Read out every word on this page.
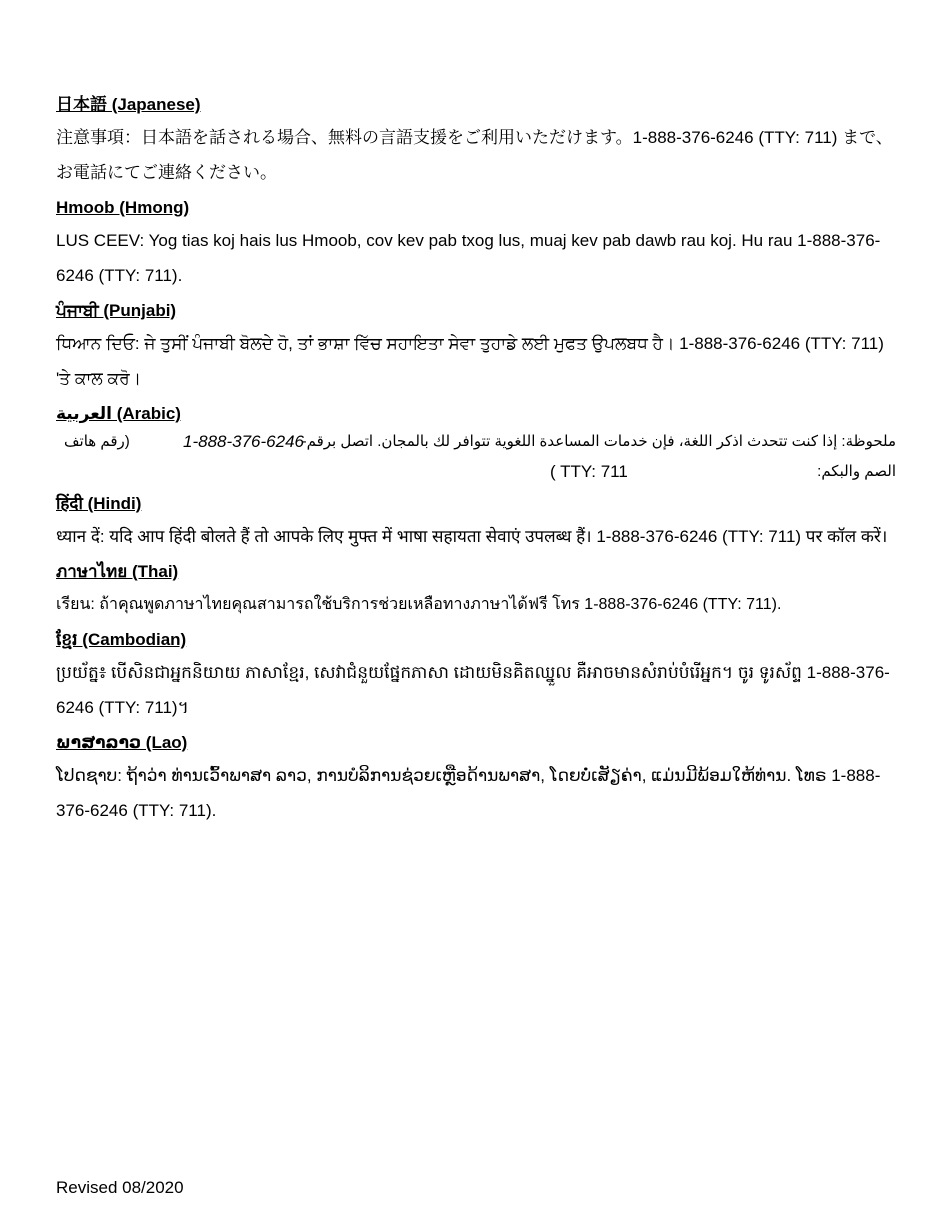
日本語 (Japanese)

注意事項：日本語を話される場合、無料の言語支援をご利用いただけます。1-888-376-6246 (TTY: 711) まで、お電話にてご連絡ください。

Hmoob (Hmong)

LUS CEEV: Yog tias koj hais lus Hmoob, cov kev pab txog lus, muaj kev pab dawb rau koj. Hu rau 1-888-376-6246 (TTY: 711).

ਪੰਜਾਬੀ (Punjabi)

ਧਿਆਨ ਦਿਓ: ਜੇ ਤੁਸੀਂ ਪੰਜਾਬੀ ਬੋਲਦੇ ਹੋ, ਤਾਂ ਭਾਸ਼ਾ ਵਿੱਚ ਸਹਾਇਤਾ ਸੇਵਾ ਤੁਹਾਡੇ ਲਈ ਮੁਫਤ ਉਪਲਬਧ ਹੈ। 1-888-376-6246 (TTY: 711) 'ਤੇ ਕਾਲ ਕਰੋ।

العربية (Arabic)
ملحوظة: إذا كنت تتحدث اذكر اللغة، فإن خدمات المساعدة اللغوية تتوافر لك بالمجان. اتصل برقم-
1-888-376-6246
(رقم هاتف
الصم والبكم:
( TTY: 711
हिंदी (Hindi)

ध्यान दें: यदि आप हिंदी बोलते हैं तो आपके लिए मुफ्त में भाषा सहायता सेवाएं उपलब्ध हैं। 1-888-376-6246 (TTY: 711) पर कॉल करें।

ภาษาไทย (Thai)

เรียน: ถ้าคุณพูดภาษาไทยคุณสามารถใช้บริการช่วยเหลือทางภาษาได้ฟรี โทร 1-888-376-6246 (TTY: 711).

ខ្មែរ (Cambodian)

ប្រយ័ត្ន៖ បើសិនជាអ្នកនិយាយ ភាសាខ្មែរ, សេវាជំនួយផ្នែកភាសា ដោយមិនគិតឈ្នួល គឺអាចមានសំរាប់បំរើអ្នក។ ចូរ ទូរស័ព្ទ 1-888-376-6246 (TTY: 711)។

ພາສາລາວ (Lao)

ໂປດຊາບ: ຖ້າວ່າ ທ່ານເວົ້າພາສາ ລາວ, ການບໍລິການຊ່ວຍເຫຼືອດ້ານພາສາ, ໂດຍບໍ່ເສັຽຄ່າ, ແມ່ນມີພ້ອມໃຫ້ທ່ານ. ໂທຣ 1-888-376-6246 (TTY: 711).

Revised 08/2020
